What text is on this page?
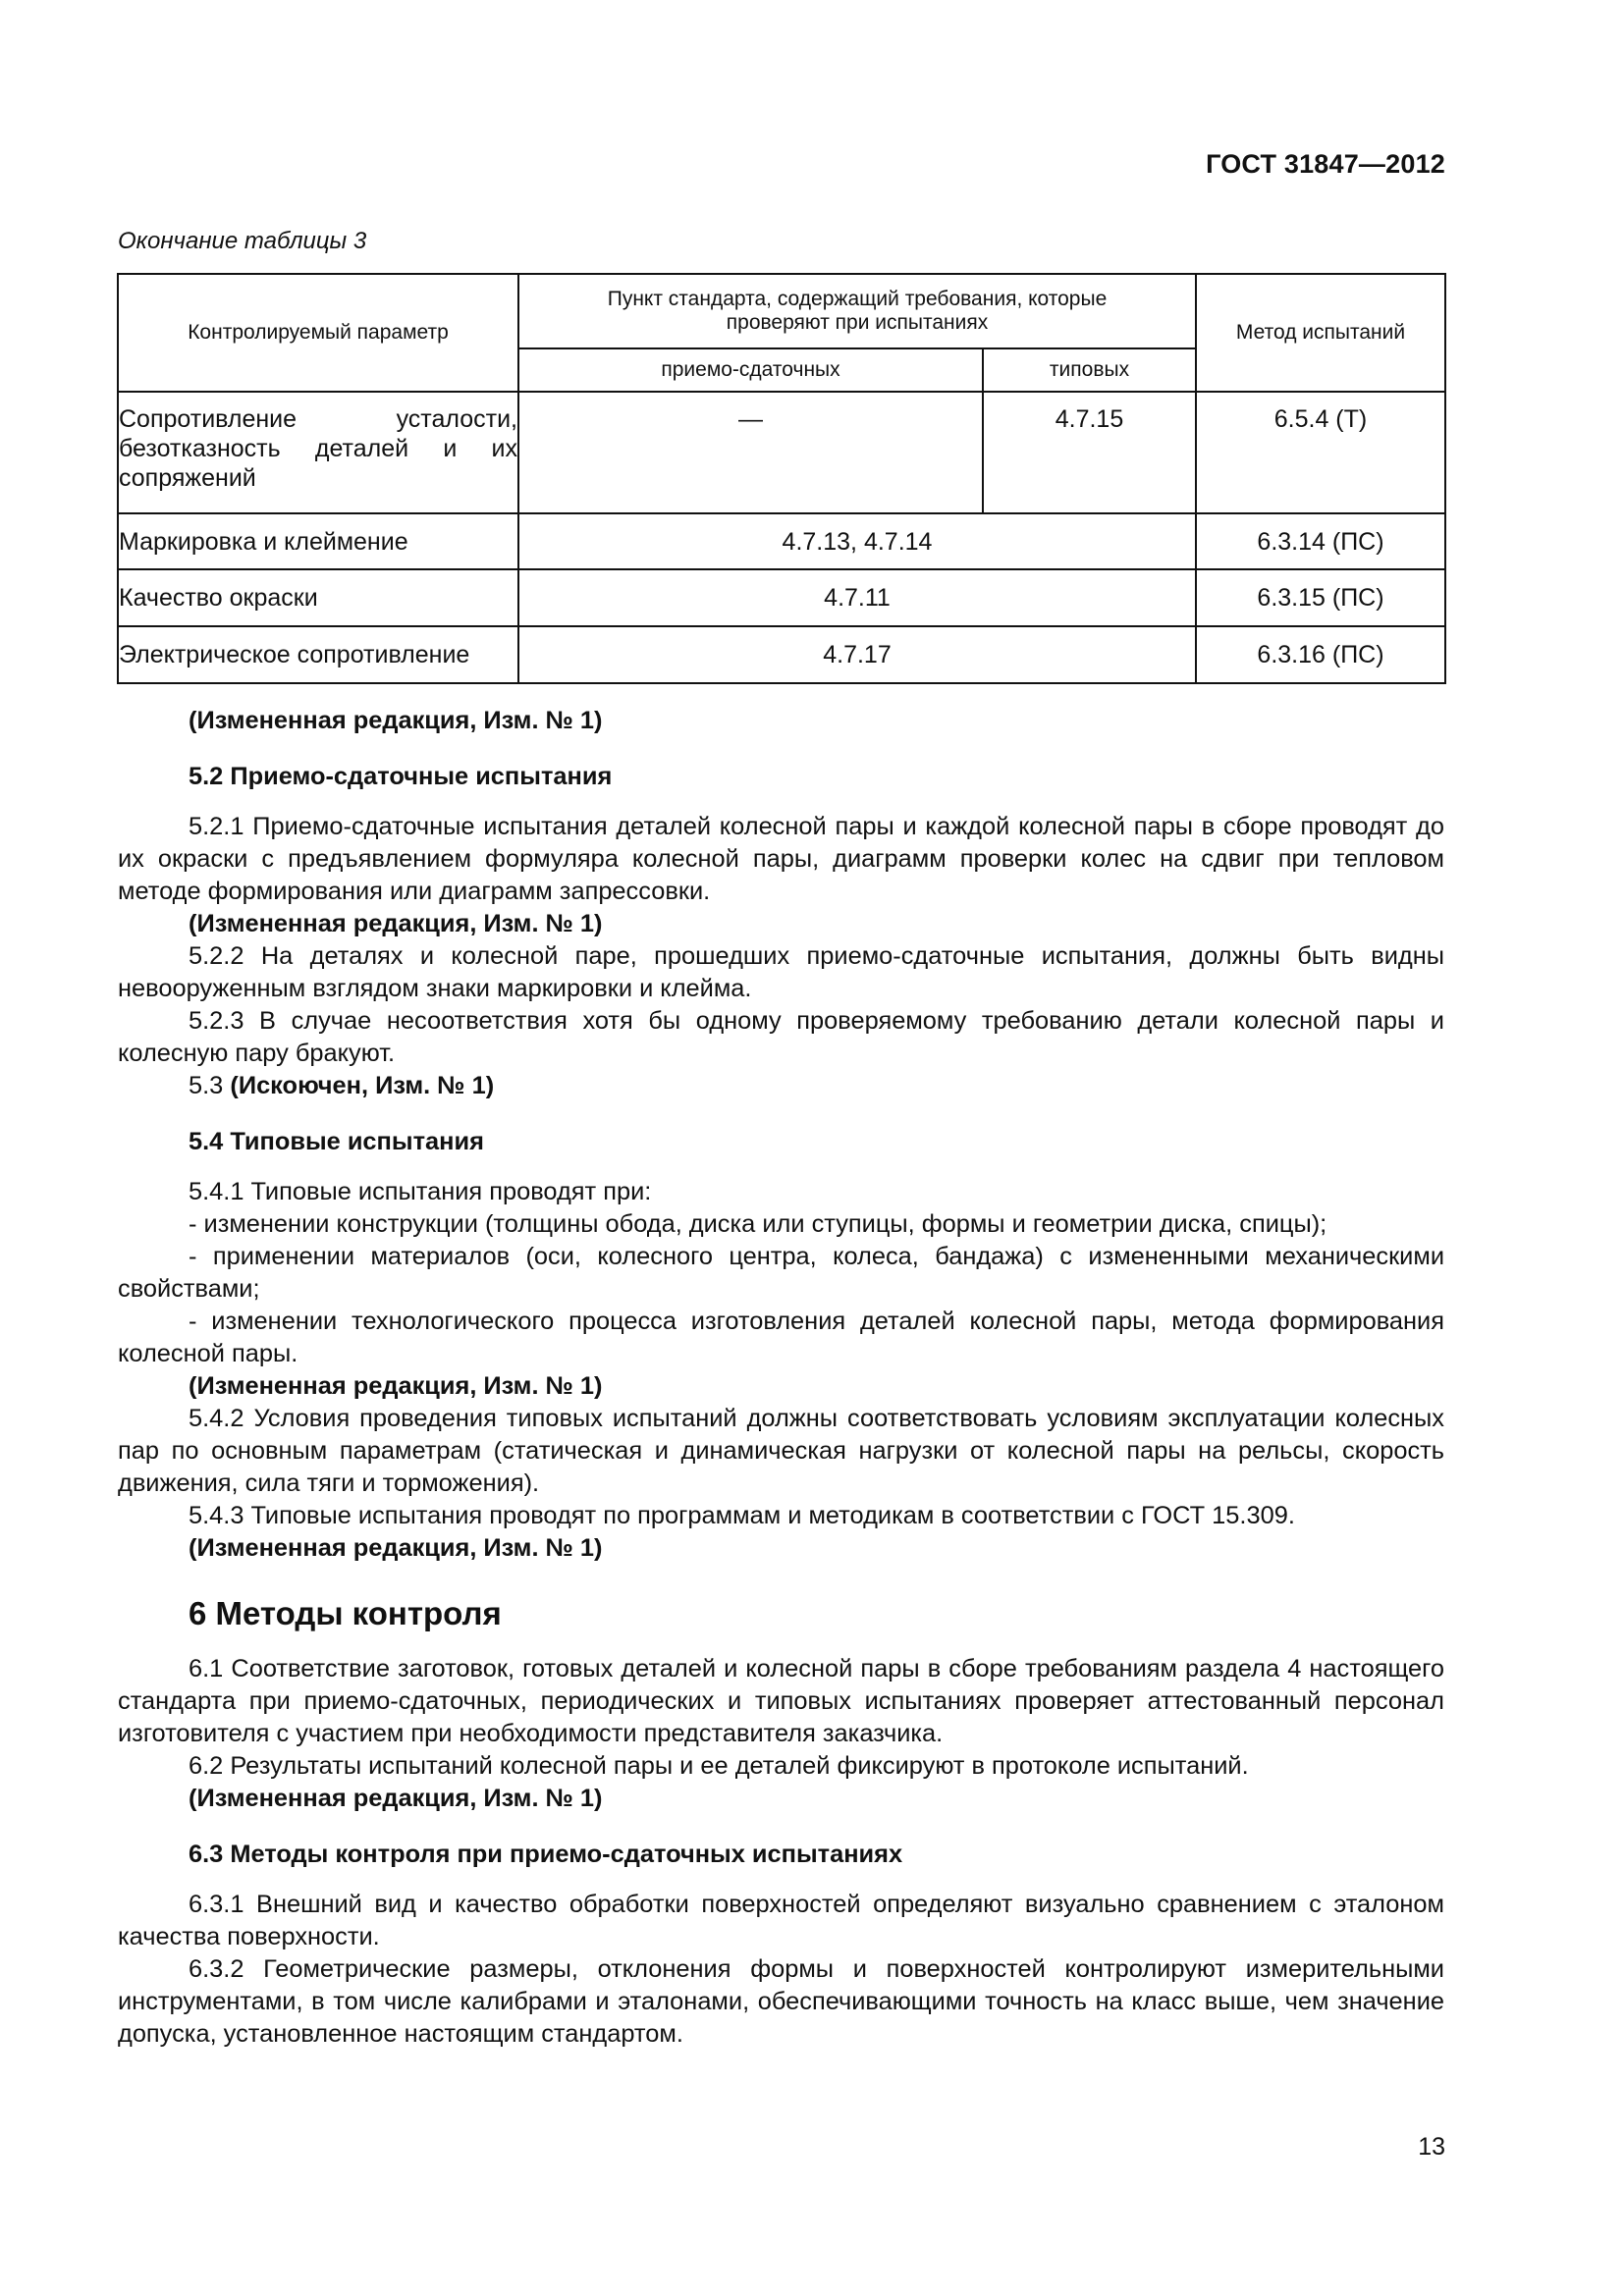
ГОСТ 31847—2012
Окончание таблицы 3
Контролируемый параметр	Пункт стандарта, содержащий требования, которые проверяют при испытаниях		Метод испытаний
	приемо-сдаточных	типовых	
Сопротивление усталости, безотказность деталей и их сопряжений	—	4.7.15	6.5.4 (Т)
Маркировка и клеймение	4.7.13, 4.7.14		6.3.14 (ПС)
Качество окраски	4.7.11		6.3.15 (ПС)
Электрическое сопротивление	4.7.17		6.3.16 (ПС)

(Измененная редакция, Изм. № 1)

5.2 Приемо-сдаточные испытания

5.2.1 Приемо-сдаточные испытания деталей колесной пары и каждой колесной пары в сборе проводят до их окраски с предъявлением формуляра колесной пары, диаграмм проверки колес на сдвиг при тепловом методе формирования или диаграмм запрессовки.

(Измененная редакция, Изм. № 1)

5.2.2 На деталях и колесной паре, прошедших приемо-сдаточные испытания, должны быть видны невооруженным взглядом знаки маркировки и клейма.

5.2.3 В случае несоответствия хотя бы одному проверяемому требованию детали колесной пары и колесную пару бракуют.

5.3 (Искоючен, Изм. № 1)

5.4 Типовые испытания

5.4.1 Типовые испытания проводят при:

- изменении конструкции (толщины обода, диска или ступицы, формы и геометрии диска, спицы);

- применении материалов (оси, колесного центра, колеса, бандажа) с измененными механическими свойствами;

- изменении технологического процесса изготовления деталей колесной пары, метода формирования колесной пары.

(Измененная редакция, Изм. № 1)

5.4.2 Условия проведения типовых испытаний должны соответствовать условиям эксплуатации колесных пар по основным параметрам (статическая и динамическая нагрузки от колесной пары на рельсы, скорость движения, сила тяги и торможения).

5.4.3 Типовые испытания проводят по программам и методикам в соответствии с ГОСТ 15.309.

(Измененная редакция, Изм. № 1)

6 Методы контроля

6.1 Соответствие заготовок, готовых деталей и колесной пары в сборе требованиям раздела 4 настоящего стандарта при приемо-сдаточных, периодических и типовых испытаниях проверяет аттестованный персонал изготовителя с участием при необходимости представителя заказчика.

6.2 Результаты испытаний колесной пары и ее деталей фиксируют в протоколе испытаний.

(Измененная редакция, Изм. № 1)

6.3 Методы контроля при приемо-сдаточных испытаниях

6.3.1 Внешний вид и качество обработки поверхностей определяют визуально сравнением с эталоном качества поверхности.

6.3.2 Геометрические размеры, отклонения формы и поверхностей контролируют измерительными инструментами, в том числе калибрами и эталонами, обеспечивающими точность на класс выше, чем значение допуска, установленное настоящим стандартом.

13
